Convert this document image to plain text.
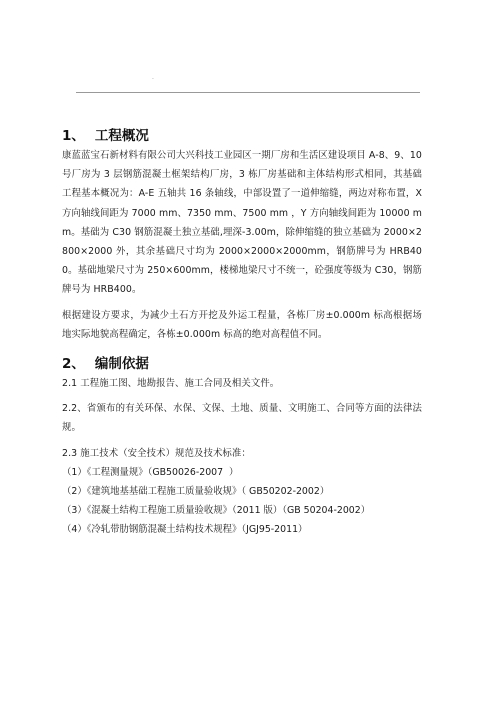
.
1、 工程概况

康蓝蓝宝石新材料有限公司大兴科技工业园区一期厂房和生活区建设项目 A-8、9、10 号厂房为 3 层钢筋混凝土框架结构厂房，3 栋厂房基础和主体结构形式相同，其基础工程基本概况为：A-E 五轴共 16 条轴线，中部设置了一道伸缩缝，两边对称布置，X 方向轴线间距为 7000 mm、7350 mm、7500 mm ，Y 方向轴线间距为 10000 mm。基础为 C30 钢筋混凝土独立基础,埋深-3.00m，除伸缩缝的独立基础为 2000×2800×2000 外，其余基础尺寸均为 2000×2000×2000mm，钢筋牌号为 HRB400。基础地梁尺寸为 250×600mm，楼梯地梁尺寸不统一，砼强度等级为 C30，钢筋牌号为 HRB400。

根据建设方要求，为减少土石方开挖及外运工程量，各栋厂房±0.000m 标高根据场地实际地貌高程确定，各栋±0.000m 标高的绝对高程值不同。

2、 编制依据

2.1 工程施工图、地勘报告、施工合同及相关文件。

2.2、省颁布的有关环保、水保、文保、土地、质量、文明施工、合同等方面的法律法规。

2.3 施工技术（安全技术）规范及技术标准：

（1）《工程测量规》（GB50026-2007  ）
（2）《建筑地基基础工程施工质量验收规》（ GB50202-2002）
（3）《混凝土结构工程施工质量验收规》（2011 版）（GB 50204-2002）
（4）《冷轧带肋钢筋混凝土结构技术规程》（JGJ95-2011）
